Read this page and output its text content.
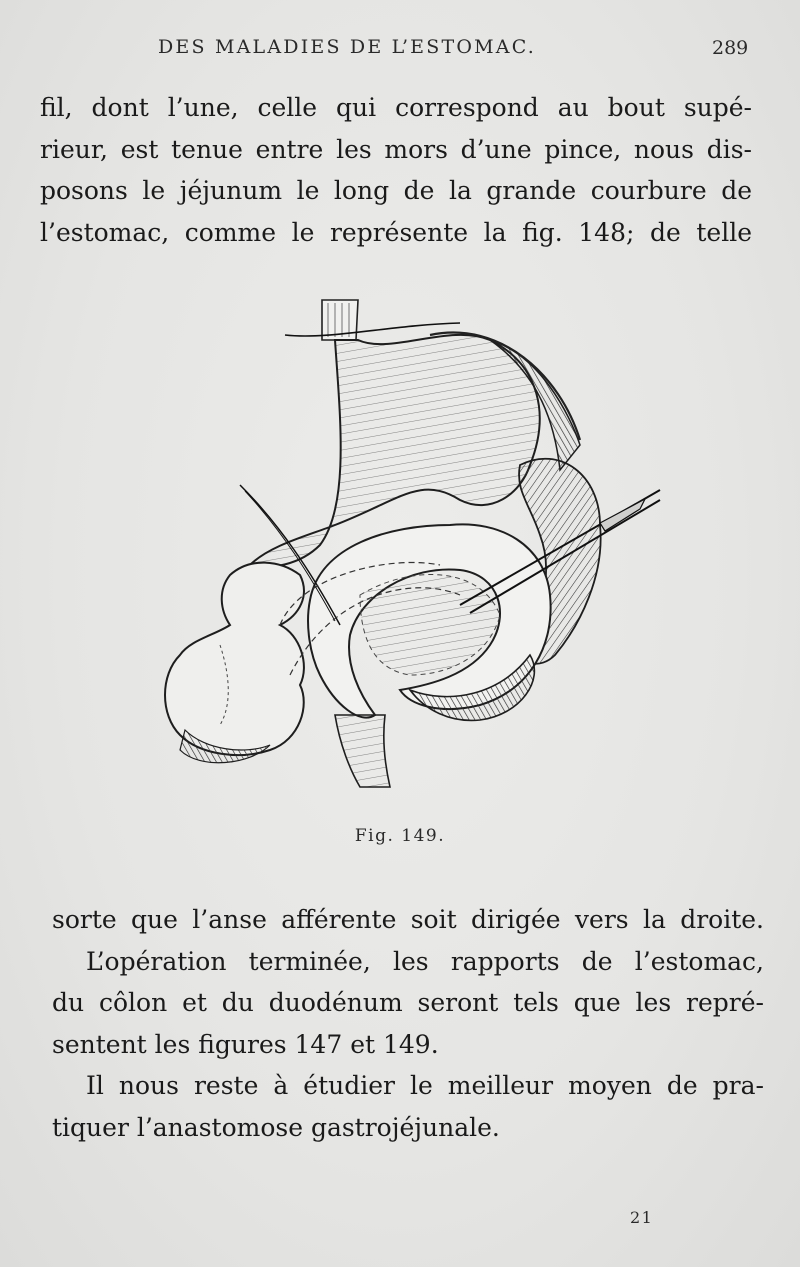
DES MALADIES DE L’ESTOMAC.	289
fil, dont l’une, celle qui correspond au bout supé-
rieur, est tenue entre les mors d’une pince, nous dis-
posons le jéjunum le long de la grande courbure de
l’estomac, comme le représente la fig. 148; de telle
Fig. 149.
sorte que l’anse afférente soit dirigée vers la droite.
L’opération terminée, les rapports de l’estomac,
du côlon et du duodénum seront tels que les repré-
sentent les figures 147 et 149.
Il nous reste à étudier le meilleur moyen de pra-
tiquer l’anastomose gastrojéjunale.
21
